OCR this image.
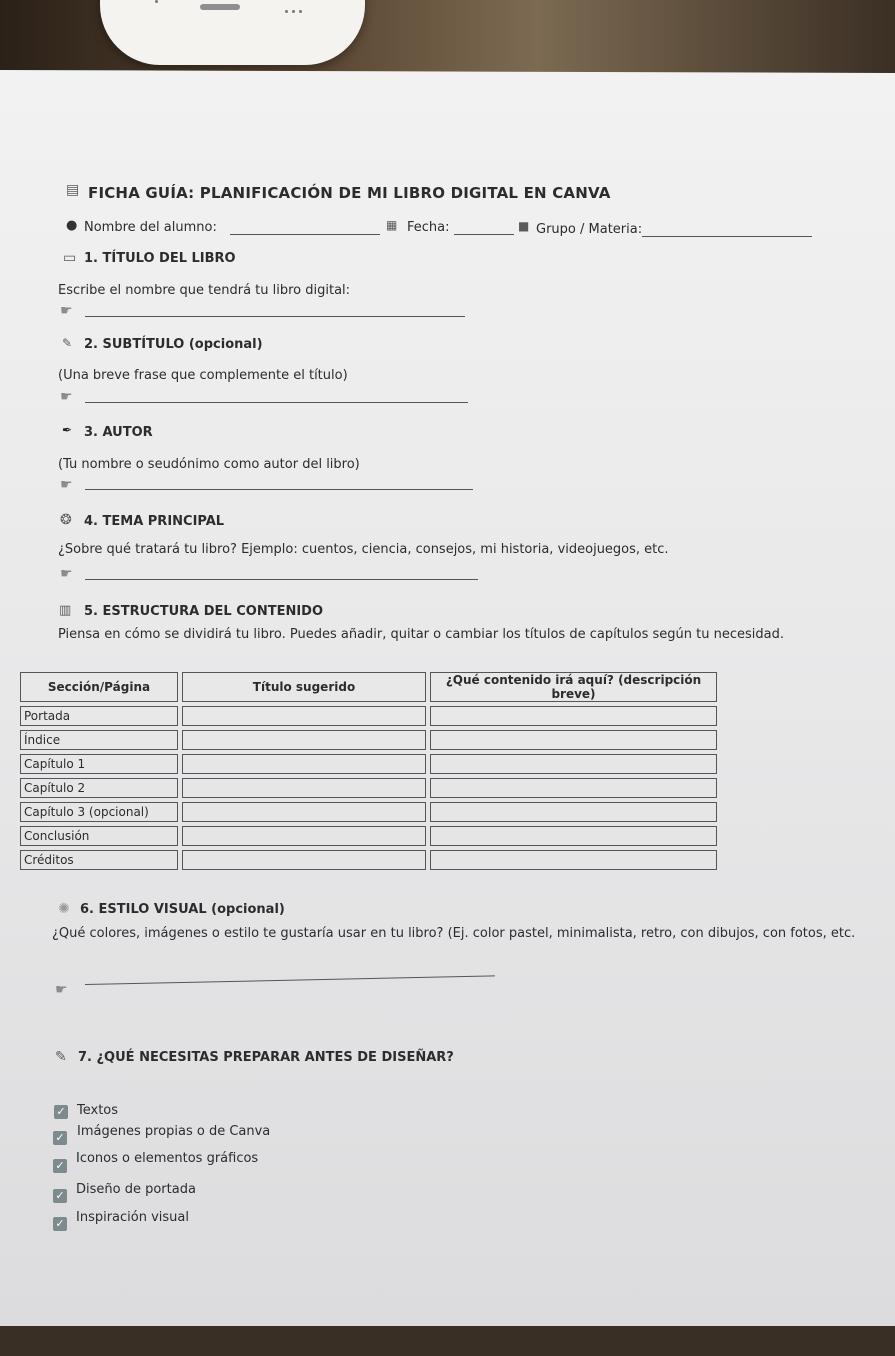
▤ FICHA GUÍA: PLANIFICACIÓN DE MI LIBRO DIGITAL EN CANVA
● Nombre del alumno:	▦ Fecha:	■ Grupo / Materia:
▭ 1. TÍTULO DEL LIBRO
Escribe el nombre que tendrá tu libro digital:
☛
✎ 2. SUBTÍTULO (opcional)
(Una breve frase que complemente el título)
☛
✒ 3. AUTOR
(Tu nombre o seudónimo como autor del libro)
☛
❂ 4. TEMA PRINCIPAL
¿Sobre qué tratará tu libro? Ejemplo: cuentos, ciencia, consejos, mi historia, videojuegos, etc.
☛
▥ 5. ESTRUCTURA DEL CONTENIDO
Piensa en cómo se dividirá tu libro. Puedes añadir, quitar o cambiar los títulos de capítulos según tu necesidad.
Sección/Página	Título sugerido	¿Qué contenido irá aquí? (descripción breve)
Portada		
Índice		
Capítulo 1		
Capítulo 2		
Capítulo 3 (opcional)		
Conclusión		
Créditos		
✺ 6. ESTILO VISUAL (opcional)
¿Qué colores, imágenes o estilo te gustaría usar en tu libro? (Ej. color pastel, minimalista, retro, con dibujos, con fotos, etc.
☛
✎ 7. ¿QUÉ NECESITAS PREPARAR ANTES DE DISEÑAR?
✓ Textos
✓ Imágenes propias o de Canva
✓ Iconos o elementos gráficos
✓ Diseño de portada
✓ Inspiración visual
